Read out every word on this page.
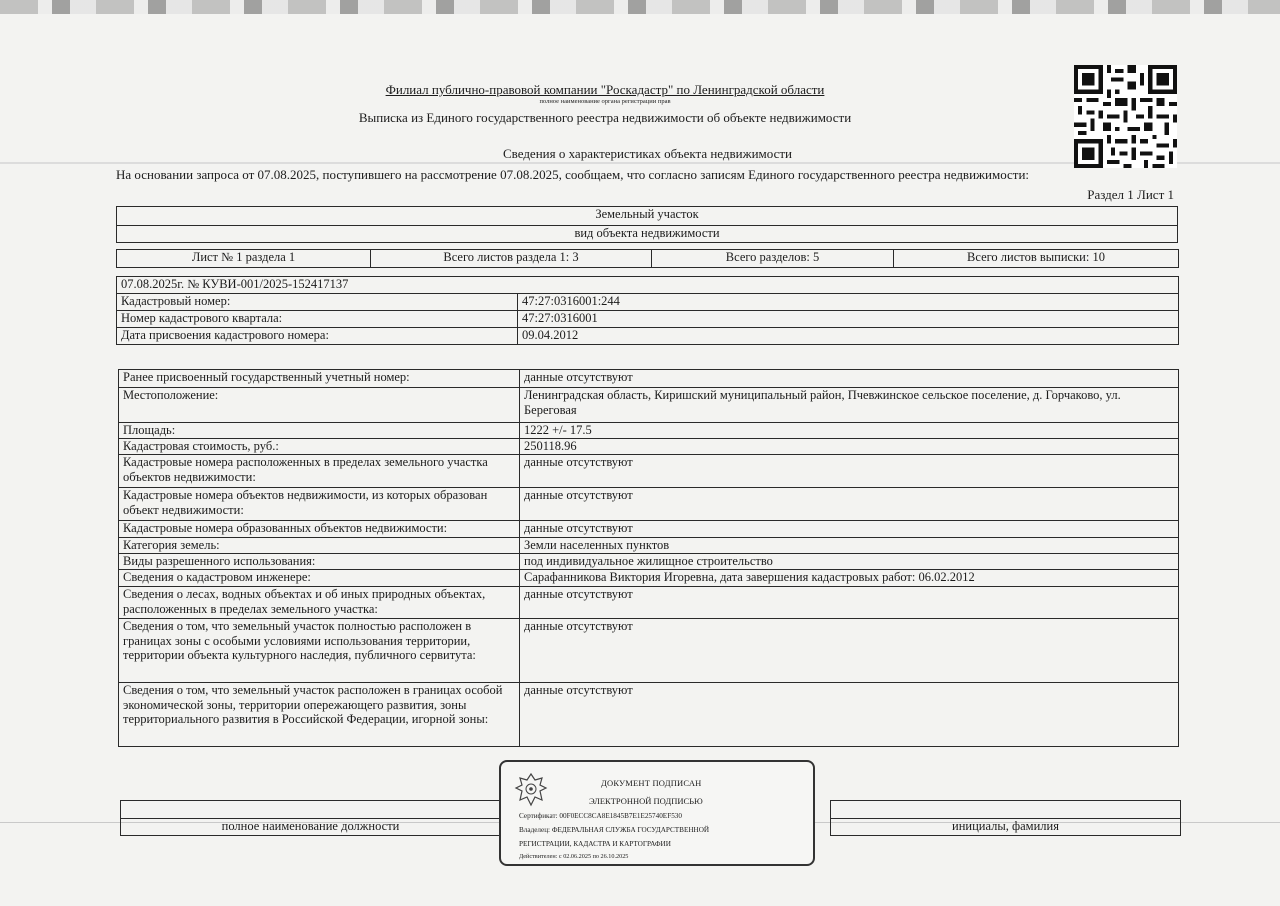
Филиал публично-правовой компании "Роскадастр" по Ленинградской области
полное наименование органа регистрации прав
Выписка из Единого государственного реестра недвижимости об объекте недвижимости
Сведения о характеристиках объекта недвижимости
На основании запроса от 07.08.2025, поступившего на рассмотрение 07.08.2025, сообщаем, что согласно записям Единого государственного реестра недвижимости:
Раздел 1 Лист 1
Земельный участок
вид объекта недвижимости
Лист № 1 раздела 1	Всего листов раздела 1: 3	Всего разделов: 5	Всего листов выписки: 10
07.08.2025г. № КУВИ-001/2025-152417137	
Кадастровый номер:	47:27:0316001:244
Номер кадастрового квартала:	47:27:0316001
Дата присвоения кадастрового номера:	09.04.2012
Ранее присвоенный государственный учетный номер:	данные отсутствуют
Местоположение:	Ленинградская область, Киришский муниципальный район, Пчевжинское сельское поселение, д. Горчаково, ул. Береговая
Площадь:	1222 +/- 17.5
Кадастровая стоимость, руб.:	250118.96
Кадастровые номера расположенных в пределах земельного участка объектов недвижимости:	данные отсутствуют
Кадастровые номера объектов недвижимости, из которых образован объект недвижимости:	данные отсутствуют
Кадастровые номера образованных объектов недвижимости:	данные отсутствуют
Категория земель:	Земли населенных пунктов
Виды разрешенного использования:	под индивидуальное жилищное строительство
Сведения о кадастровом инженере:	Сарафанникова Виктория Игоревна, дата завершения кадастровых работ: 06.02.2012
Сведения о лесах, водных объектах и об иных природных объектах, расположенных в пределах земельного участка:	данные отсутствуют
Сведения о том, что земельный участок полностью расположен в границах зоны с особыми условиями использования территории, территории объекта культурного наследия, публичного сервитута:	данные отсутствуют
Сведения о том, что земельный участок расположен в границах особой экономической зоны, территории опережающего развития, зоны территориального развития в Российской Федерации, игорной зоны:	данные отсутствуют

полное наименование должности		инициалы, фамилия
ДОКУМЕНТ ПОДПИСАН
ЭЛЕКТРОННОЙ ПОДПИСЬЮ
Сертификат: 00F0ECC8CA8E1845B7E1E25740EF530
Владелец: ФЕДЕРАЛЬНАЯ СЛУЖБА ГОСУДАРСТВЕННОЙ
РЕГИСТРАЦИИ, КАДАСТРА И КАРТОГРАФИИ
Действителен: с 02.06.2025 по 26.10.2025
